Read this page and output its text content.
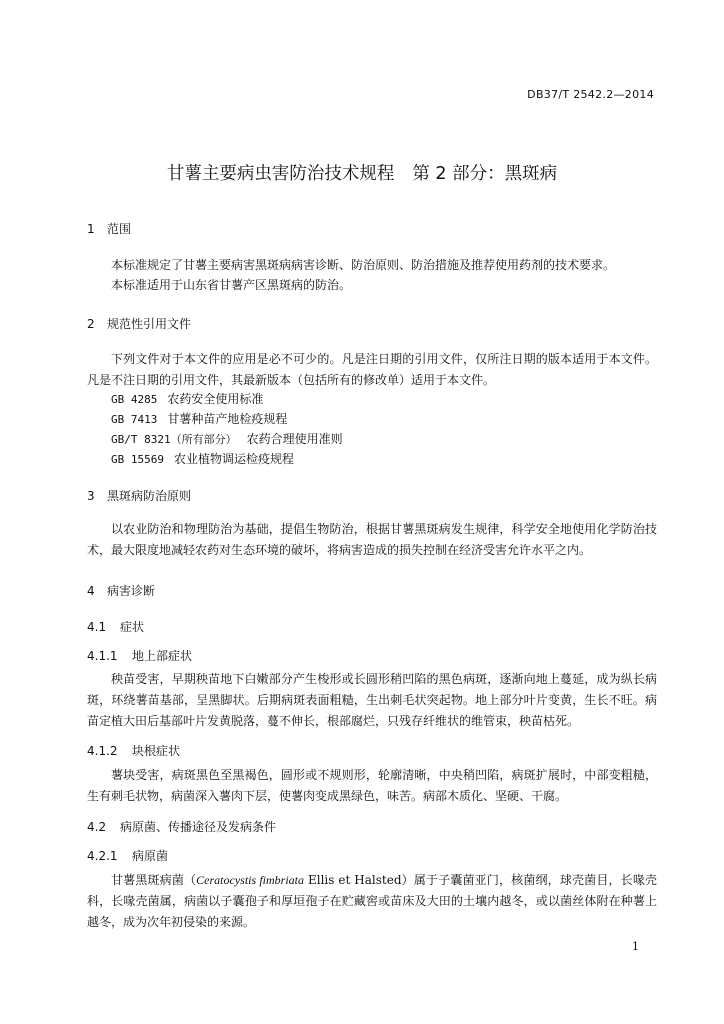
DB37/T 2542.2—2014
甘薯主要病虫害防治技术规程 第 2 部分：黑斑病
1 范围
本标准规定了甘薯主要病害黑斑病病害诊断、防治原则、防治措施及推荐使用药剂的技术要求。
本标准适用于山东省甘薯产区黑斑病的防治。
2 规范性引用文件
下列文件对于本文件的应用是必不可少的。凡是注日期的引用文件，仅所注日期的版本适用于本文件。凡是不注日期的引用文件，其最新版本（包括所有的修改单）适用于本文件。
GB 4285 农药安全使用标准
GB 7413 甘薯种苗产地检疫规程
GB/T 8321（所有部分） 农药合理使用准则
GB 15569 农业植物调运检疫规程
3 黑斑病防治原则
以农业防治和物理防治为基础，提倡生物防治，根据甘薯黑斑病发生规律，科学安全地使用化学防治技术，最大限度地减轻农药对生态环境的破坏，将病害造成的损失控制在经济受害允许水平之内。
4 病害诊断
4.1 症状
4.1.1 地上部症状
秧苗受害，早期秧苗地下白嫩部分产生梭形或长圆形稍凹陷的黑色病斑，逐渐向地上蔓延，成为纵长病斑，环绕薯苗基部，呈黑脚状。后期病斑表面粗糙，生出刺毛状突起物。地上部分叶片变黄，生长不旺。病苗定植大田后基部叶片发黄脱落，蔓不伸长，根部腐烂，只残存纤维状的维管束，秧苗枯死。
4.1.2 块根症状
薯块受害，病斑黑色至黑褐色，圆形或不规则形，轮廓清晰，中央稍凹陷，病斑扩展时，中部变粗糙，生有刺毛状物，病菌深入薯肉下层，使薯肉变成黑绿色，味苦。病部木质化、坚硬、干腐。
4.2 病原菌、传播途径及发病条件
4.2.1 病原菌
甘薯黑斑病菌（Ceratocystis fimbriata Ellis et Halsted）属于子囊菌亚门，核菌纲，球壳菌目，长喙壳科，长喙壳菌属，病菌以子囊孢子和厚垣孢子在贮藏窖或苗床及大田的土壤内越冬，或以菌丝体附在种薯上越冬，成为次年初侵染的来源。
1
